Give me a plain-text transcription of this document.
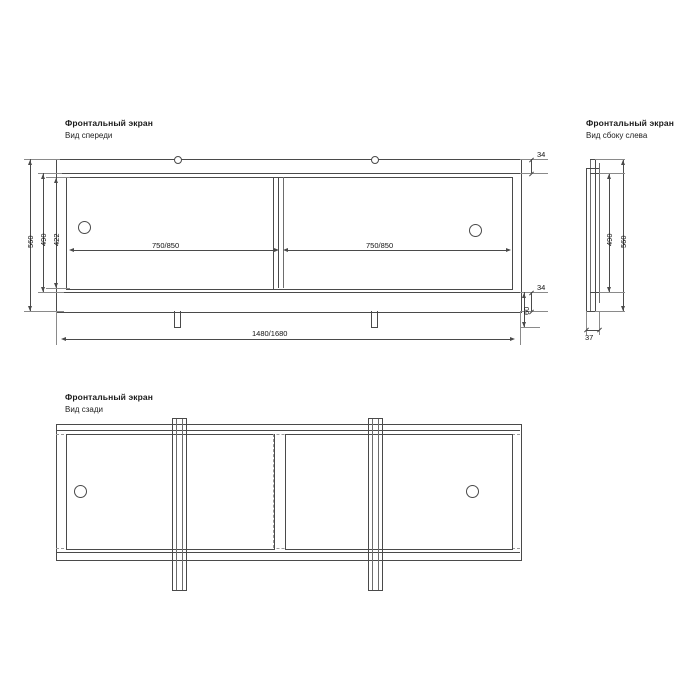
Фронтальный экран
Вид спереди
560 490 422
34
34
60
1480/1680
750/850	750/850
Фронтальный экран
Вид сбоку слева
490 560
37
Фронтальный экран
Вид сзади
